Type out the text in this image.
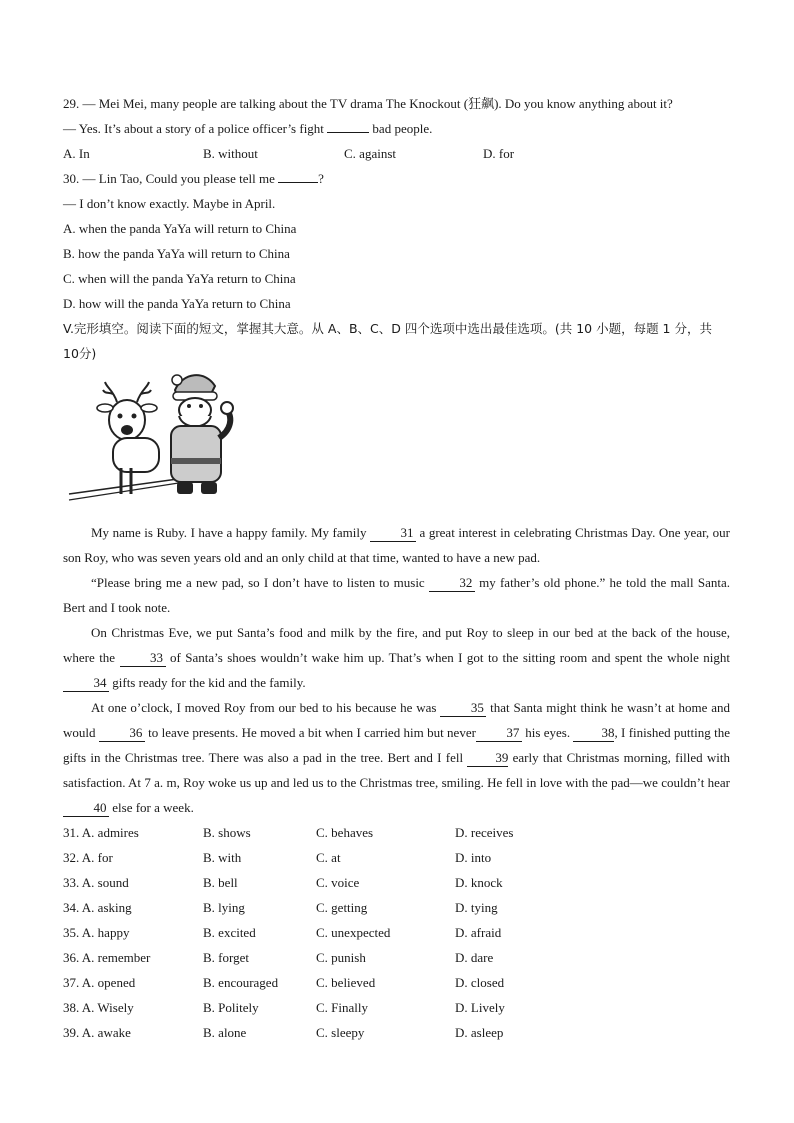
29. — Mei Mei, many people are talking about the TV drama The Knockout (狂飙). Do you know anything about it?
— Yes. It’s about a story of a police officer’s fight	bad people.
A. In	B. without	C. against	D. for
30. — Lin Tao, Could you please tell me	?
— I don’t know exactly. Maybe in April.
A. when the panda YaYa will return to China
B. how the panda YaYa will return to China
C. when will the panda YaYa return to China
D. how will the panda YaYa return to China
V.完形填空。阅读下面的短文，掌握其大意。从 A、B、C、D 四个选项中选出最佳选项。(共 10 小题，每题 1 分，共 10分)
My name is Ruby. I have a happy family. My family 31 a great interest in celebrating Christmas Day. One year, our son Roy, who was seven years old and an only child at that time, wanted to have a new pad.
“Please bring me a new pad, so I don’t have to listen to music 32 my father’s old phone.” he told the mall Santa. Bert and I took note.
On Christmas Eve, we put Santa’s food and milk by the fire, and put Roy to sleep in our bed at the back of the house, where the 33 of Santa’s shoes wouldn’t wake him up. That’s when I got to the sitting room and spent the whole night 34 gifts ready for the kid and the family.
At one o’clock, I moved Roy from our bed to his because he was 35 that Santa might think he wasn’t at home and would 36 to leave presents. He moved a bit when I carried him but never 37 his eyes. 38, I finished putting the gifts in the Christmas tree. There was also a pad in the tree. Bert and I fell 39 early that Christmas morning, filled with satisfaction. At 7 a. m, Roy woke us up and led us to the Christmas tree, smiling. He fell in love with the pad—we couldn’t hear 40 else for a week.
31. A. admires	B. shows	C. behaves	D. receives
32. A. for	B. with	C. at	D. into
33. A. sound	B. bell	C. voice	D. knock
34. A. asking	B. lying	C. getting	D. tying
35. A. happy	B. excited	C. unexpected	D. afraid
36. A. remember	B. forget	C. punish	D. dare
37. A. opened	B. encouraged	C. believed	D. closed
38. A. Wisely	B. Politely	C. Finally	D. Lively
39. A. awake	B. alone	C. sleepy	D. asleep
